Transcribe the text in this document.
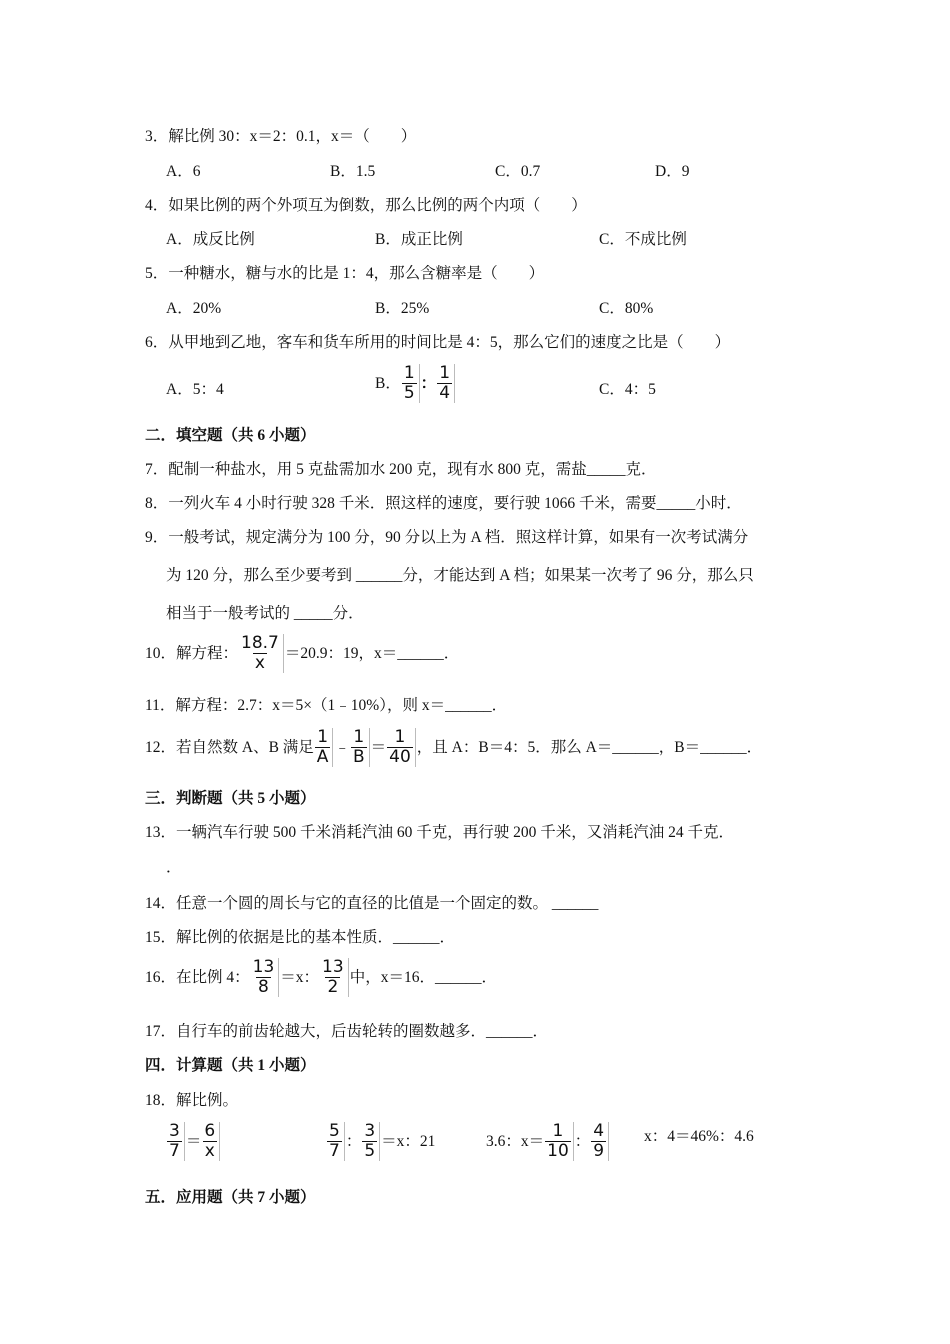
3．解比例 30：x＝2：0.1，x＝（　　）
A．6	B．1.5	C．0.7	D．9
4．如果比例的两个外项互为倒数，那么比例的两个内项（　　）
A．成反比例	B．成正比例	C．不成比例
5．一种糖水，糖与水的比是 1：4，那么含糖率是（　　）
A．20%	B．25%	C．80%
6．从甲地到乙地，客车和货车所用的时间比是 4：5，那么它们的速度之比是（　　）
A．5：4	B． 1
5 ： 1
4	C．4：5
二．填空题（共 6 小题）
7．配制一种盐水，用 5 克盐需加水 200 克，现有水 800 克，需盐_____克．
8．一列火车 4 小时行驶 328 千米．照这样的速度，要行驶 1066 千米，需要_____小时．
9．一般考试，规定满分为 100 分，90 分以上为 A 档．照这样计算，如果有一次考试满分
为 120 分，那么至少要考到 ______分，才能达到 A 档；如果某一次考了 96 分，那么只
相当于一般考试的 _____分．
10．解方程： 18.7
x ＝20.9：19，x＝______．
11．解方程：2.7：x＝5×（1﹣10%），则 x＝______．
12．若自然数 A、B 满足 1
A ﹣ 1
B ＝ 1
40 ，且 A：B＝4：5．那么 A＝______，B＝______．
三．判断题（共 5 小题）
13．一辆汽车行驶 500 千米消耗汽油 60 千克，再行驶 200 千米，又消耗汽油 24 千克．
．
14．任意一个圆的周长与它的直径的比值是一个固定的数。 ______
15．解比例的依据是比的基本性质．______．
16．在比例 4： 13
8 ＝x： 13
2 中，x＝16．______．
17．自行车的前齿轮越大，后齿轮转的圈数越多．______．
四．计算题（共 1 小题）
18．解比例。
3
7 ＝ 6
x
5
7 ： 3
5 ＝x：21	3.6：x＝ 1
10 ： 4
9
x：4＝46%：4.6
五．应用题（共 7 小题）
